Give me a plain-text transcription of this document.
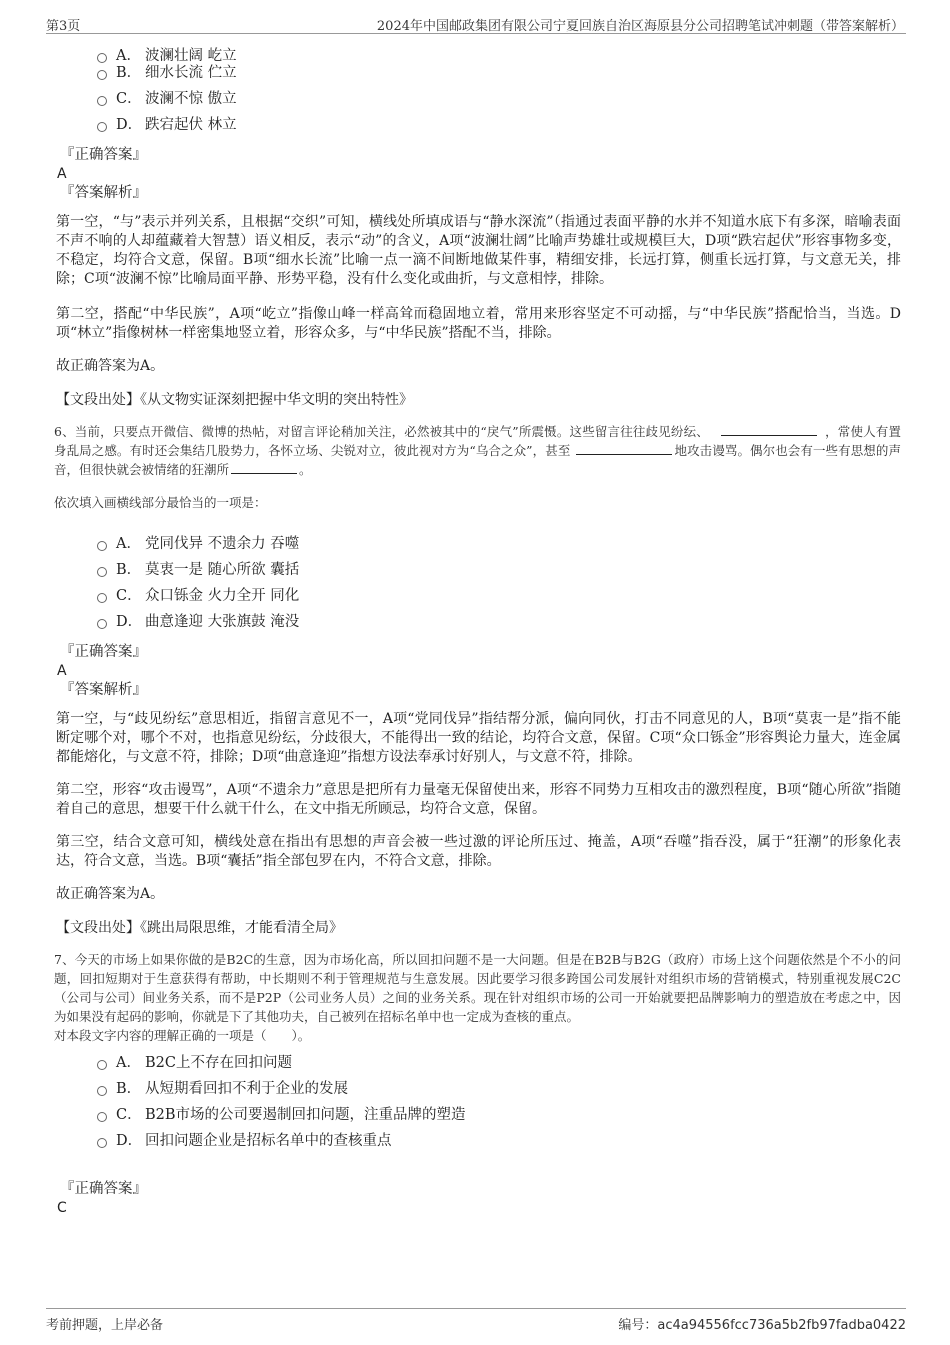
第3页	2024年中国邮政集团有限公司宁夏回族自治区海原县分公司招聘笔试冲刺题（带答案解析）
A． 波澜壮阔 屹立
B． 细水长流 伫立
C． 波澜不惊 傲立
D． 跌宕起伏 林立
『正确答案』
A
『答案解析』
第一空，“与”表示并列关系，且根据“交织”可知，横线处所填成语与“静水深流”（指通过表面平静的水并不知道水底下有多深，暗喻表面不声不响的人却蕴藏着大智慧）语义相反，表示“动”的含义，A项“波澜壮阔”比喻声势雄壮或规模巨大，D项“跌宕起伏”形容事物多变，不稳定，均符合文意，保留。B项“细水长流”比喻一点一滴不间断地做某件事，精细安排，长远打算，侧重长远打算，与文意无关，排除；C项“波澜不惊”比喻局面平静、形势平稳，没有什么变化或曲折，与文意相悖，排除。
第二空，搭配“中华民族”，A项“屹立”指像山峰一样高耸而稳固地立着，常用来形容坚定不可动摇，与“中华民族”搭配恰当，当选。D项“林立”指像树林一样密集地竖立着，形容众多，与“中华民族”搭配不当，排除。
故正确答案为A。
【文段出处】《从文物实证深刻把握中华文明的突出特性》
6、当前，只要点开微信、微博的热帖，对留言评论稍加关注，必然被其中的“戾气”所震慑。这些留言往往歧见纷纭、	，常使人有置身乱局之感。有时还会集结几股势力，各怀立场、尖锐对立，彼此视对方为“乌合之众”，甚至	地攻击谩骂。偶尔也会有一些有思想的声音，但很快就会被情绪的狂潮所	。
依次填入画横线部分最恰当的一项是：
A． 党同伐异 不遗余力 吞噬
B． 莫衷一是 随心所欲 囊括
C． 众口铄金 火力全开 同化
D． 曲意逢迎 大张旗鼓 淹没
『正确答案』
A
『答案解析』
第一空，与“歧见纷纭”意思相近，指留言意见不一，A项“党同伐异”指结帮分派，偏向同伙，打击不同意见的人，B项“莫衷一是”指不能断定哪个对，哪个不对，也指意见纷纭，分歧很大，不能得出一致的结论，均符合文意，保留。C项“众口铄金”形容舆论力量大，连金属都能熔化，与文意不符，排除；D项“曲意逢迎”指想方设法奉承讨好别人，与文意不符，排除。
第二空，形容“攻击谩骂”，A项“不遗余力”意思是把所有力量毫无保留使出来，形容不同势力互相攻击的激烈程度，B项“随心所欲”指随着自己的意思，想要干什么就干什么，在文中指无所顾忌，均符合文意，保留。
第三空，结合文意可知，横线处意在指出有思想的声音会被一些过激的评论所压过、掩盖，A项“吞噬”指吞没，属于“狂潮”的形象化表达，符合文意，当选。B项“囊括”指全部包罗在内，不符合文意，排除。
故正确答案为A。
【文段出处】《跳出局限思维，才能看清全局》
7、今天的市场上如果你做的是B2C的生意，因为市场化高，所以回扣问题不是一大问题。但是在B2B与B2G（政府）市场上这个问题依然是个不小的问题，回扣短期对于生意获得有帮助，中长期则不利于管理规范与生意发展。因此要学习很多跨国公司发展针对组织市场的营销模式，特别重视发展C2C（公司与公司）间业务关系，而不是P2P（公司业务人员）之间的业务关系。现在针对组织市场的公司一开始就要把品牌影响力的塑造放在考虑之中，因为如果没有起码的影响，你就是下了其他功夫，自己被列在招标名单中也一定成为查核的重点。
对本段文字内容的理解正确的一项是（　　）。
A． B2C上不存在回扣问题
B． 从短期看回扣不利于企业的发展
C． B2B市场的公司要遏制回扣问题，注重品牌的塑造
D． 回扣问题企业是招标名单中的查核重点
『正确答案』
C
考前押题，上岸必备	编号：ac4a94556fcc736a5b2fb97fadba0422
